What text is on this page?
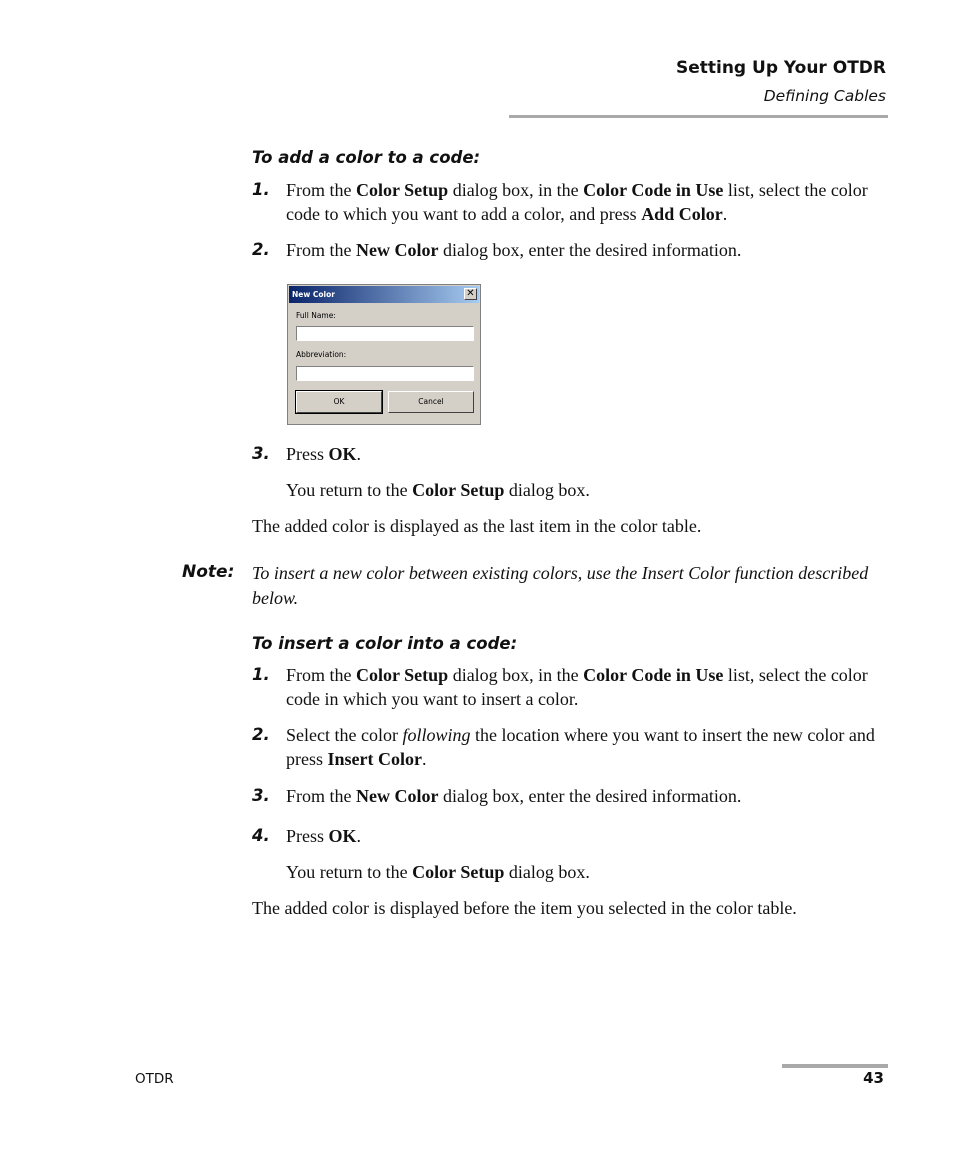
Setting Up Your OTDR
Defining Cables
To add a color to a code:
1. From the Color Setup dialog box, in the Color Code in Use list, select the color code to which you want to add a color, and press Add Color.
2. From the New Color dialog box, enter the desired information.
New Color	✕
Full Name:
Abbreviation:
OK	Cancel
3. Press OK.
You return to the Color Setup dialog box.
The added color is displayed as the last item in the color table.
Note: To insert a new color between existing colors, use the Insert Color function described below.
To insert a color into a code:
1. From the Color Setup dialog box, in the Color Code in Use list, select the color code in which you want to insert a color.
2. Select the color following the location where you want to insert the new color and press Insert Color.
3. From the New Color dialog box, enter the desired information.
4. Press OK.
You return to the Color Setup dialog box.
The added color is displayed before the item you selected in the color table.
OTDR	43
